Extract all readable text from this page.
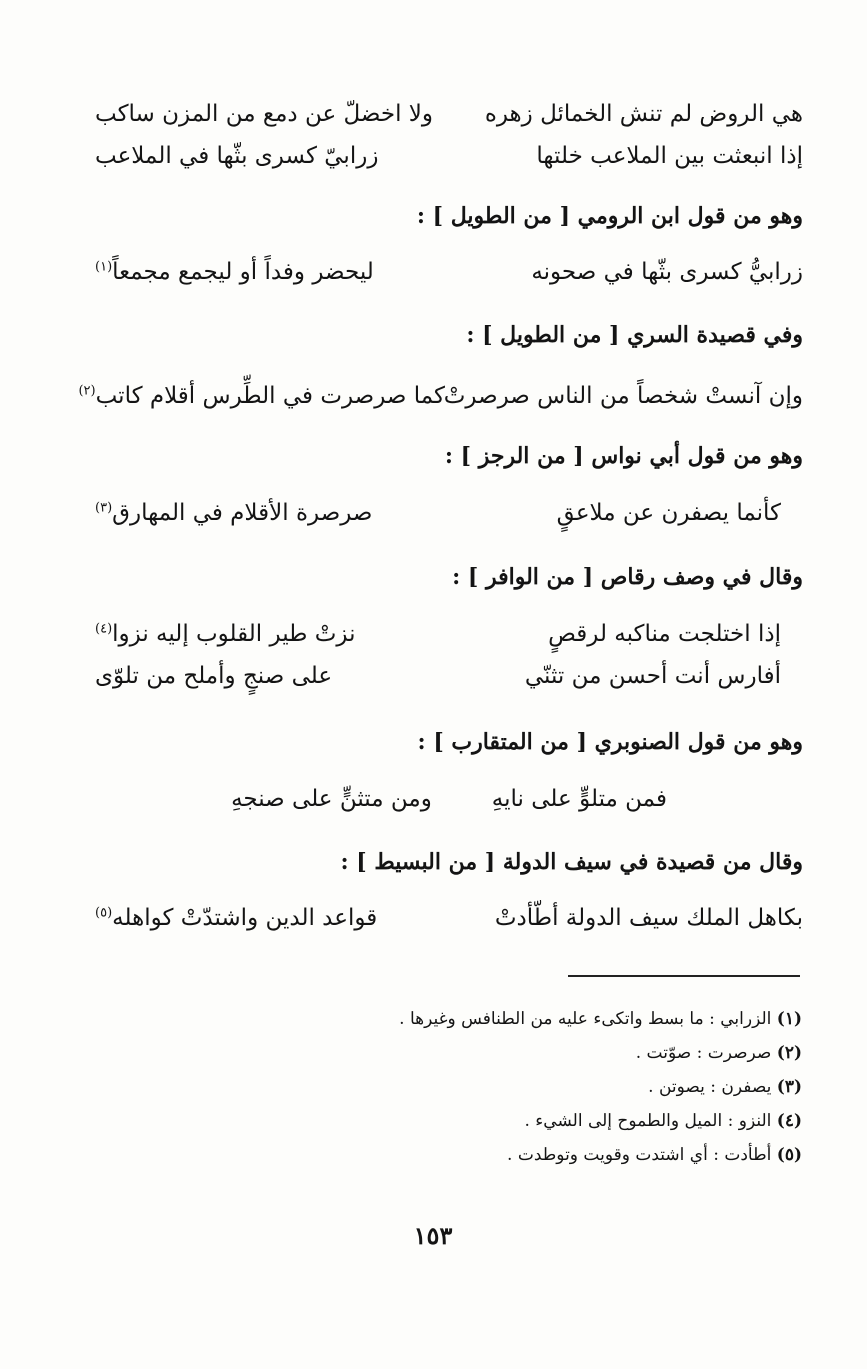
هي الروض لم تنش الخمائل زهره
ولا اخضلّ عن دمع من المزن ساكب
إذا انبعثت بين الملاعب خلتها
زرابيّ كسرى بثّها في الملاعب
وهو من قول ابن الرومي [ من الطويل ] :
زرابيُّ كسرى بثّها في صحونه
ليحضر وفداً أو ليجمع مجمعاً$^{(١)}$
وفي قصيدة السري [ من الطويل ] :
وإن آنستْ شخصاً من الناس صرصرتْ
كما صرصرت في الطِّرس أقلام كاتب$^{(٢)}$
وهو من قول أبي نواس [ من الرجز ] :
كأنما يصفرن عن ملاعقٍ
صرصرة الأقلام في المهارق$^{(٣)}$
وقال في وصف رقاص [ من الوافر ] :
إذا اختلجت مناكبه لرقصٍ
نزتْ طير القلوب إليه نزوا$^{(٤)}$
أفارس أنت أحسن من تثنّي
على صنجٍ وأملح من تلوّى
وهو من قول الصنوبري [ من المتقارب ] :
فمن متلوٍّ على نايهِ
ومن متثنٍّ على صنجهِ
وقال من قصيدة في سيف الدولة [ من البسيط ] :
بكاهل الملك سيف الدولة أطّأدتْ
قواعد الدين واشتدّتْ كواهله$^{(٥)}$
(١) الزرابي : ما بسط واتكىء عليه من الطنافس وغيرها .
(٢) صرصرت : صوّتت .
(٣) يصفرن : يصوتن .
(٤) النزو : الميل والطموح إلى الشيء .
(٥) أطأدت : أي اشتدت وقويت وتوطدت .
١٥٣
